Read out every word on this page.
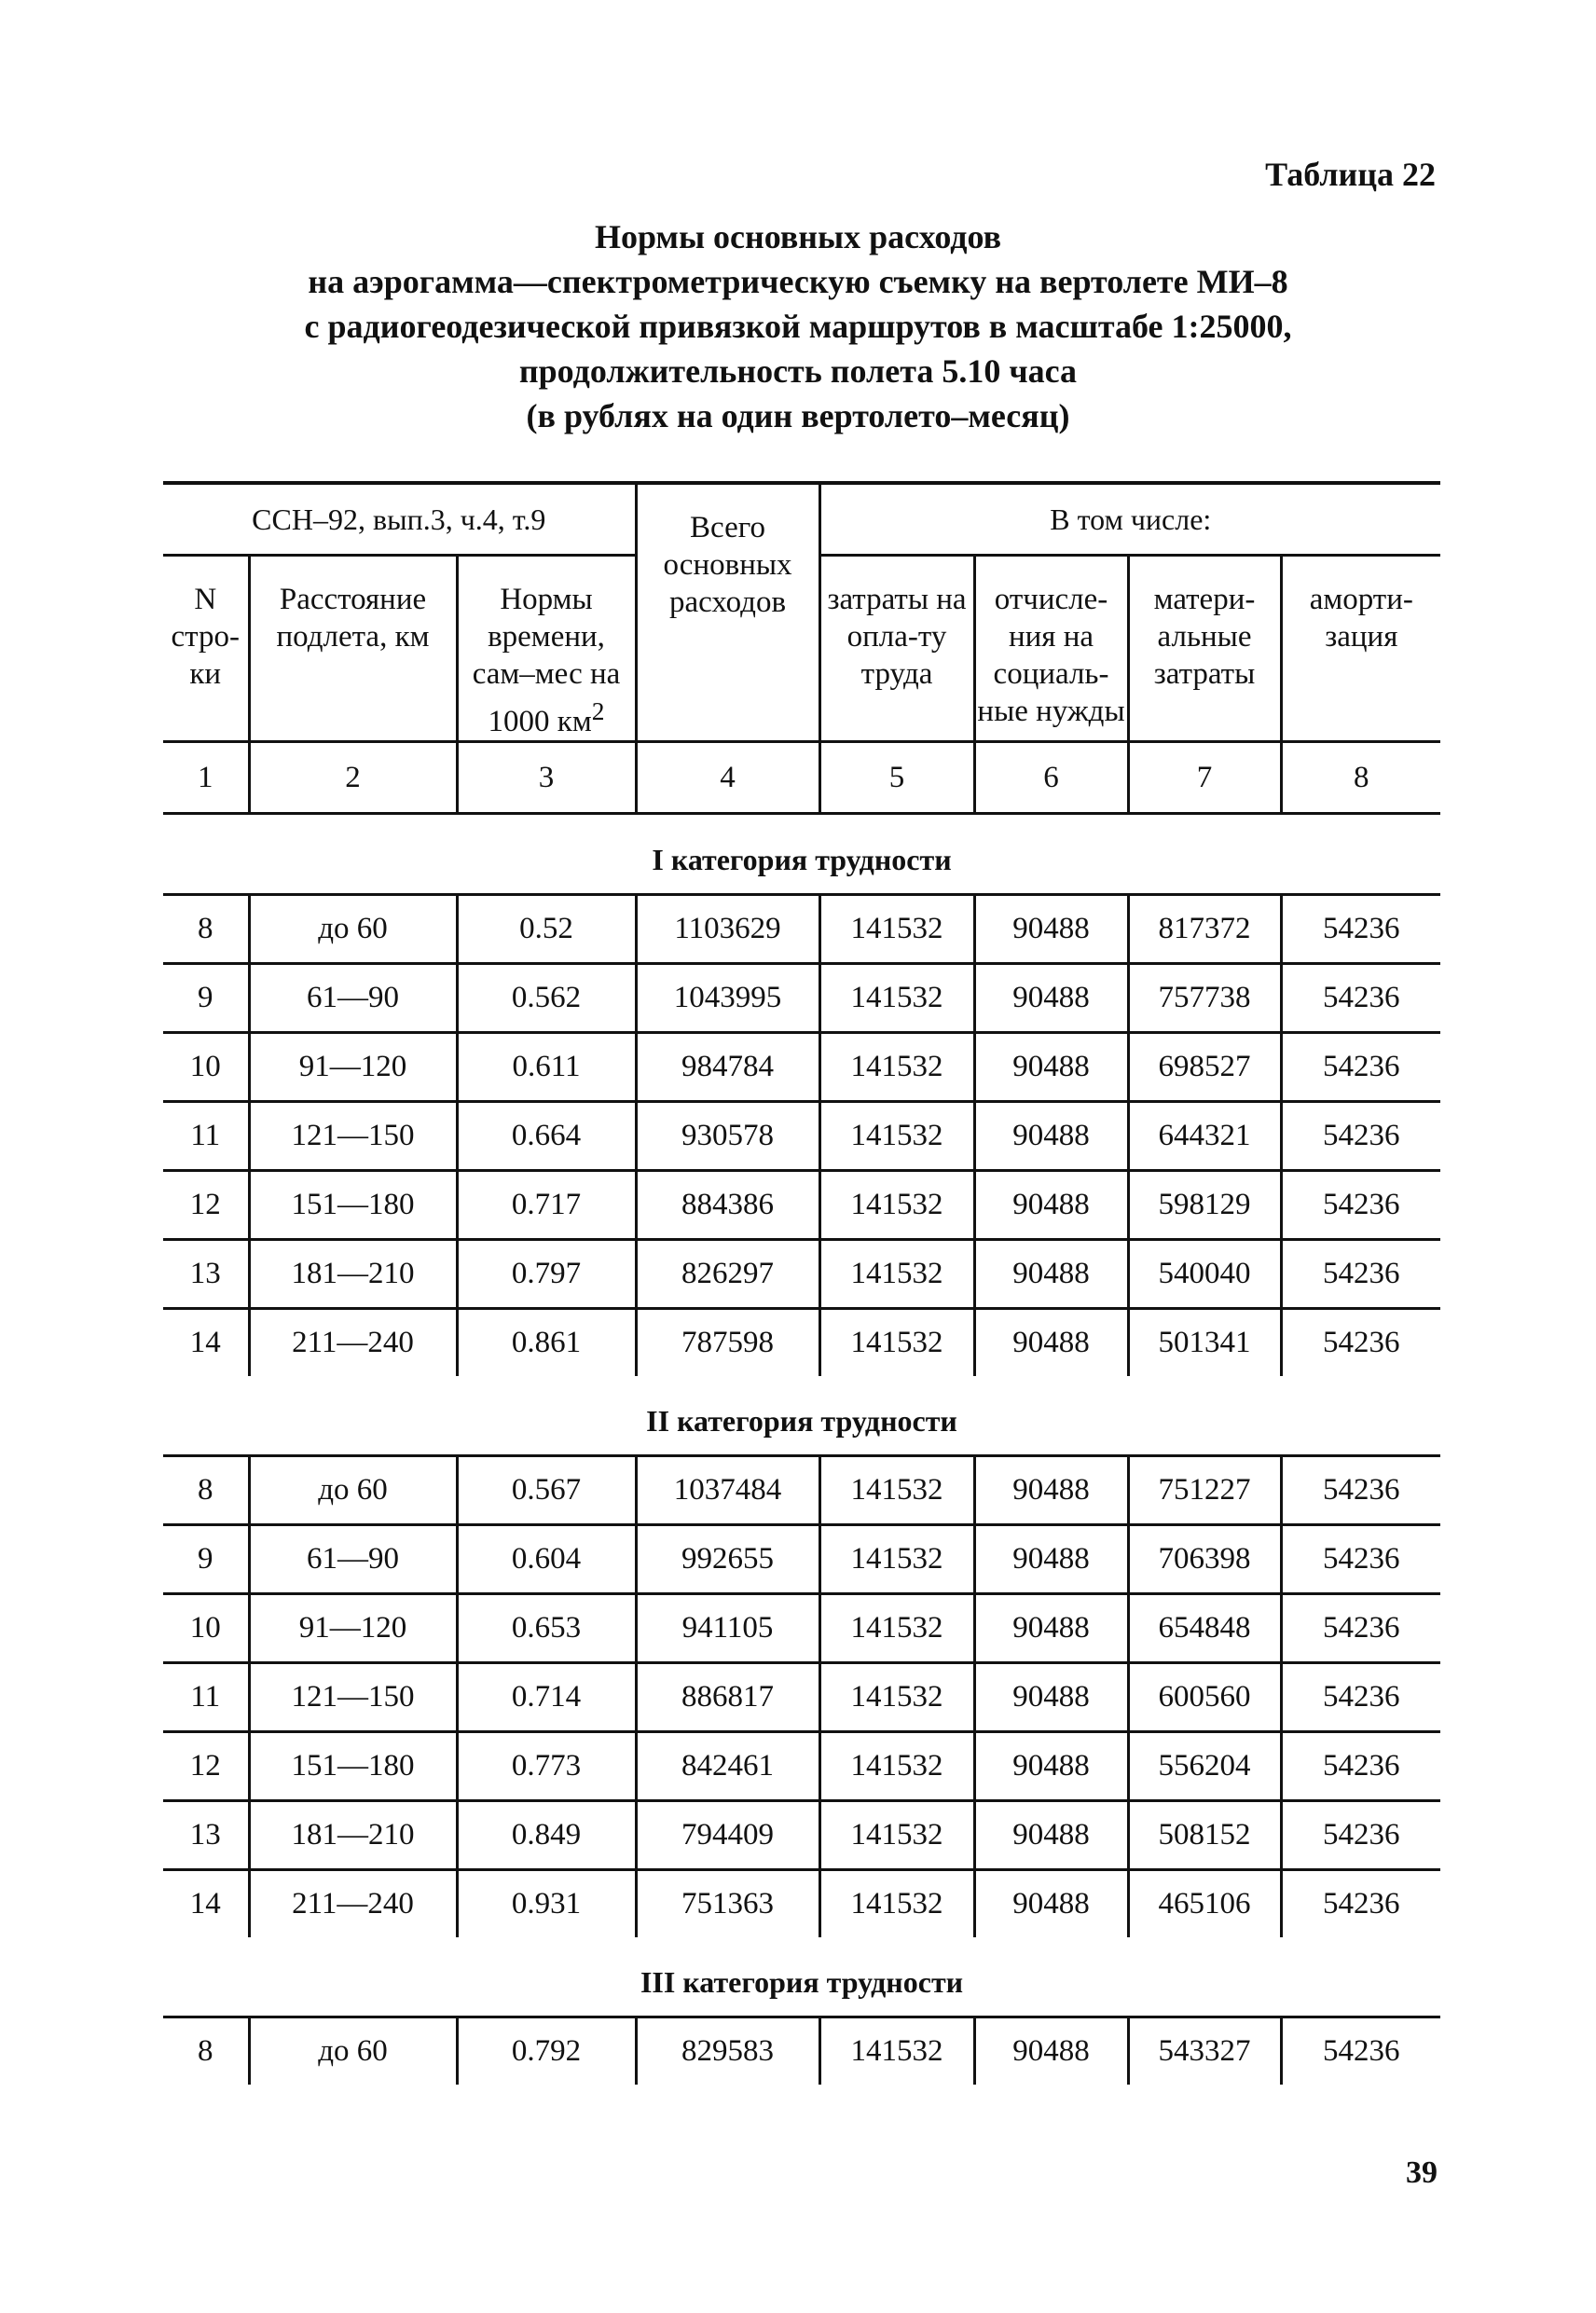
Таблица 22
Нормы основных расходов
на аэрогамма—спектрометрическую съемку на вертолете МИ–8
с радиогеодезической привязкой маршрутов в масштабе 1:25000,
продолжительность полета 5.10 часа
(в рублях на один вертолето–месяц)
ССН–92, вып.3, ч.4, т.9			Всего основных расходов	В том числе:			
N стро-ки	Расстояние подлета, км	Нормы времени, сам–мес на 1000 $км^2$		затраты на опла-ту труда	отчисле-ния на социаль-ные нужды	матери-альные затраты	аморти-зация
1	2	3	4	5	6	7	8
I категория трудности							
8	до 60	0.52	1103629	141532	90488	817372	54236
9	61—90	0.562	1043995	141532	90488	757738	54236
10	91—120	0.611	984784	141532	90488	698527	54236
11	121—150	0.664	930578	141532	90488	644321	54236
12	151—180	0.717	884386	141532	90488	598129	54236
13	181—210	0.797	826297	141532	90488	540040	54236
14	211—240	0.861	787598	141532	90488	501341	54236
II категория трудности							
8	до 60	0.567	1037484	141532	90488	751227	54236
9	61—90	0.604	992655	141532	90488	706398	54236
10	91—120	0.653	941105	141532	90488	654848	54236
11	121—150	0.714	886817	141532	90488	600560	54236
12	151—180	0.773	842461	141532	90488	556204	54236
13	181—210	0.849	794409	141532	90488	508152	54236
14	211—240	0.931	751363	141532	90488	465106	54236
III категория трудности							
8	до 60	0.792	829583	141532	90488	543327	54236
39
